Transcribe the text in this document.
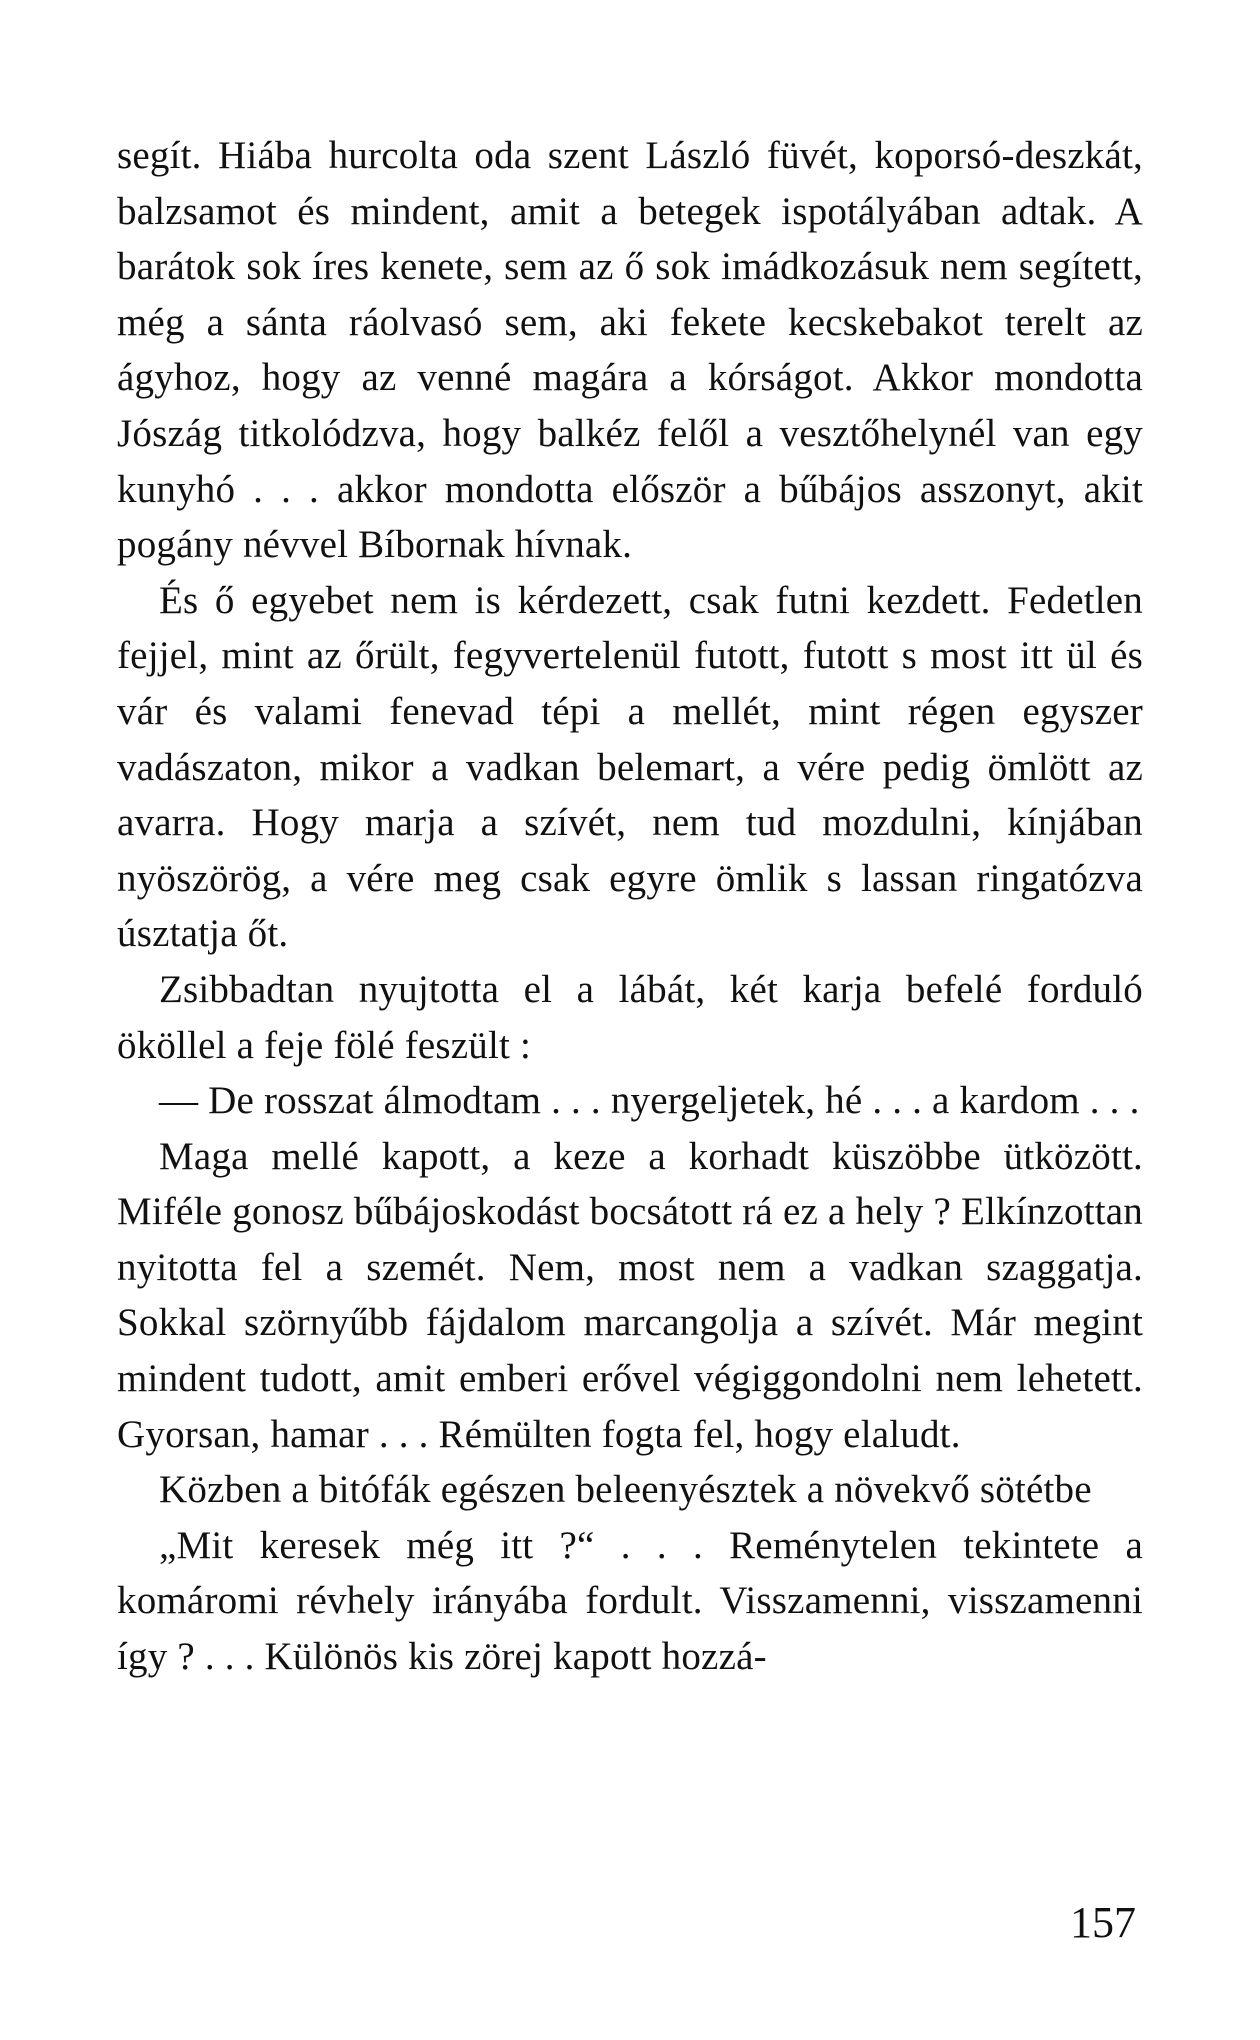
segít. Hiába hurcolta oda szent László füvét, koporsó-deszkát, balzsamot és mindent, amit a betegek ispotályában adtak. A barátok sok íres kenete, sem az ő sok imádkozásuk nem segített, még a sánta ráolvasó sem, aki fekete kecskebakot terelt az ágyhoz, hogy az venné magára a kórságot. Akkor mondotta Jószág titkolódzva, hogy balkéz felől a vesztőhelynél van egy kunyhó . . . akkor mondotta először a bűbájos asszonyt, akit pogány névvel Bíbornak hívnak.

És ő egyebet nem is kérdezett, csak futni kezdett. Fedetlen fejjel, mint az őrült, fegyvertelenül futott, futott s most itt ül és vár és valami fenevad tépi a mellét, mint régen egyszer vadászaton, mikor a vadkan belemart, a vére pedig ömlött az avarra. Hogy marja a szívét, nem tud mozdulni, kínjában nyöszörög, a vére meg csak egyre ömlik s lassan ringatózva úsztatja őt.

Zsibbadtan nyujtotta el a lábát, két karja befelé forduló ököllel a feje fölé feszült :

— De rosszat álmodtam . . . nyergeljetek, hé . . . a kardom . . .

Maga mellé kapott, a keze a korhadt küszöbbe ütközött. Miféle gonosz bűbájoskodást bocsátott rá ez a hely ? Elkínzottan nyitotta fel a szemét. Nem, most nem a vadkan szaggatja. Sokkal szörnyűbb fájdalom marcangolja a szívét. Már megint mindent tudott, amit emberi erővel végiggondolni nem lehetett. Gyorsan, hamar . . . Rémülten fogta fel, hogy elaludt.

Közben a bitófák egészen beleenyésztek a növekvő sötétbe

„Mit keresek még itt ?“ . . . Reménytelen tekintete a komáromi révhely irányába fordult. Visszamenni, visszamenni így ? . . . Különös kis zörej kapott hozzá-

157
